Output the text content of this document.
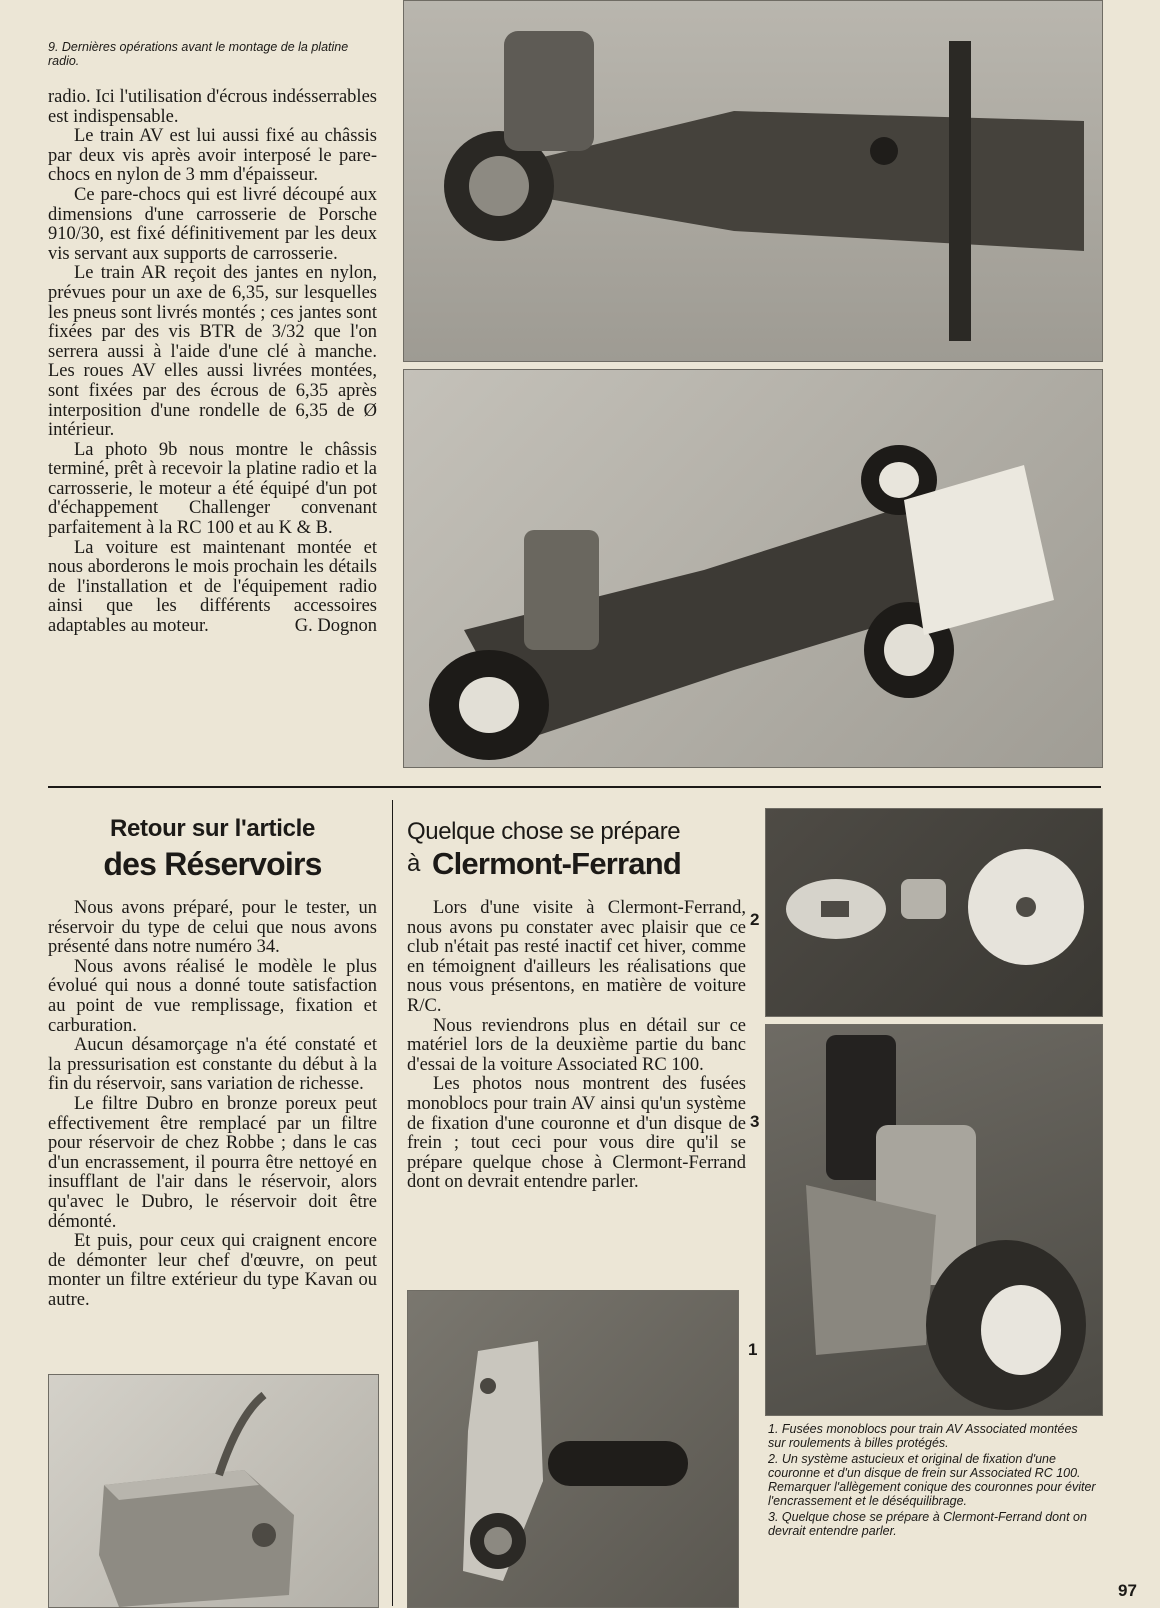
9. Dernières opérations avant le montage de la platine radio.

radio. Ici l'utilisation d'écrous indésserrables est indispensable.

Le train AV est lui aussi fixé au châssis par deux vis après avoir interposé le pare-chocs en nylon de 3 mm d'épaisseur.

Ce pare-chocs qui est livré découpé aux dimensions d'une carrosserie de Porsche 910/30, est fixé définitivement par les deux vis servant aux supports de carrosserie.

Le train AR reçoit des jantes en nylon, prévues pour un axe de 6,35, sur lesquelles les pneus sont livrés montés ; ces jantes sont fixées par des vis BTR de 3/32 que l'on serrera aussi à l'aide d'une clé à manche. Les roues AV elles aussi livrées montées, sont fixées par des écrous de 6,35 après interposition d'une rondelle de 6,35 de Ø intérieur.

La photo 9b nous montre le châssis terminé, prêt à recevoir la platine radio et la carrosserie, le moteur a été équipé d'un pot d'échappement Challenger convenant parfaitement à la RC 100 et au K & B.

La voiture est maintenant montée et nous aborderons le mois prochain les détails de l'installation et de l'équipement radio ainsi que les différents accessoires adaptables au moteur.	G. Dognon
Retour sur l'article
des Réservoirs

Nous avons préparé, pour le tester, un réservoir du type de celui que nous avons présenté dans notre numéro 34.

Nous avons réalisé le modèle le plus évolué qui nous a donné toute satisfaction au point de vue remplissage, fixation et carburation.

Aucun désamorçage n'a été constaté et la pressurisation est constante du début à la fin du réservoir, sans variation de richesse.

Le filtre Dubro en bronze poreux peut effectivement être remplacé par un filtre pour réservoir de chez Robbe ; dans le cas d'un encrassement, il pourra être nettoyé en insufflant de l'air dans le réservoir, alors qu'avec le Dubro, le réservoir doit être démonté.

Et puis, pour ceux qui craignent encore de démonter leur chef d'œuvre, on peut monter un filtre extérieur du type Kavan ou autre.

Quelque chose se prépare
à Clermont-Ferrand

Lors d'une visite à Clermont-Ferrand, nous avons pu constater avec plaisir que ce club n'était pas resté inactif cet hiver, comme en témoignent d'ailleurs les réalisations que nous vous présentons, en matière de voiture R/C.

Nous reviendrons plus en détail sur ce matériel lors de la deuxième partie du banc d'essai de la voiture Associated RC 100.

Les photos nous montrent des fusées monoblocs pour train AV ainsi qu'un système de fixation d'une couronne et d'un disque de frein ; tout ceci pour vous dire qu'il se prépare quelque chose à Clermont-Ferrand dont on devrait entendre parler.

1
2
3
1. Fusées monoblocs pour train AV Associated montées sur roulements à billes protégés.
2. Un système astucieux et original de fixation d'une couronne et d'un disque de frein sur Associated RC 100. Remarquer l'allègement conique des couronnes pour éviter l'encrassement et le déséquilibrage.
3. Quelque chose se prépare à Clermont-Ferrand dont on devrait entendre parler.
97
